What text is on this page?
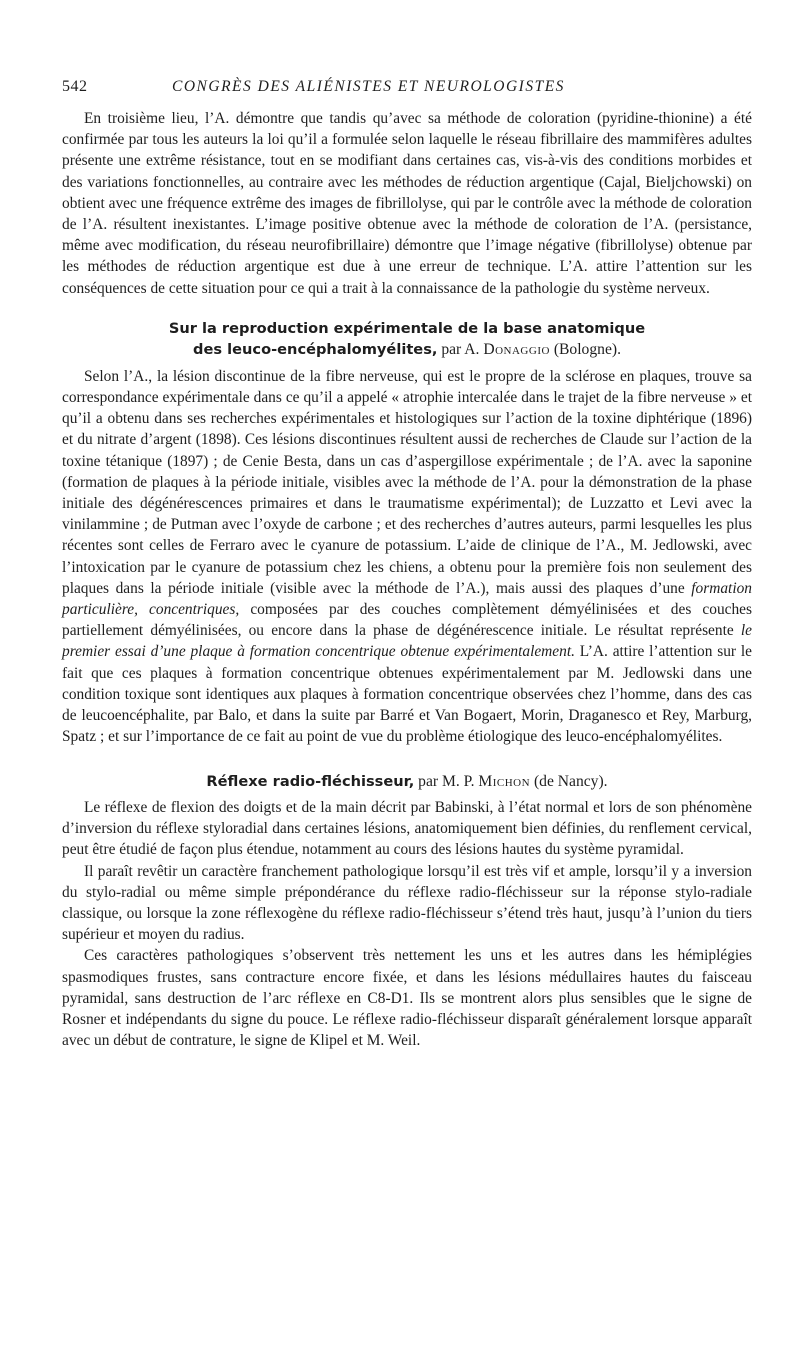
542	CONGRÈS DES ALIÉNISTES ET NEUROLOGISTES

En troisième lieu, l’A. démontre que tandis qu’avec sa méthode de coloration (pyridine-thionine) a été confirmée par tous les auteurs la loi qu’il a formulée selon laquelle le réseau fibrillaire des mammifères adultes présente une extrême résistance, tout en se modifiant dans certaines cas, vis-à-vis des conditions morbides et des variations fonctionnelles, au contraire avec les méthodes de réduction argentique (Cajal, Bieljchowski) on obtient avec une fréquence extrême des images de fibrillolyse, qui par le contrôle avec la méthode de coloration de l’A. résultent inexistantes. L’image positive obtenue avec la méthode de coloration de l’A. (persistance, même avec modification, du réseau neurofibrillaire) démontre que l’image négative (fibrillolyse) obtenue par les méthodes de réduction argentique est due à une erreur de technique. L’A. attire l’attention sur les conséquences de cette situation pour ce qui a trait à la connaissance de la pathologie du système nerveux.

Sur la reproduction expérimentale de la base anatomique
des leuco-encéphalomyélites, par A. Donaggio (Bologne).

Selon l’A., la lésion discontinue de la fibre nerveuse, qui est le propre de la sclérose en plaques, trouve sa correspondance expérimentale dans ce qu’il a appelé « atrophie intercalée dans le trajet de la fibre nerveuse » et qu’il a obtenu dans ses recherches expérimentales et histologiques sur l’action de la toxine diphtérique (1896) et du nitrate d’argent (1898). Ces lésions discontinues résultent aussi de recherches de Claude sur l’action de la toxine tétanique (1897) ; de Cenie Besta, dans un cas d’aspergillose expérimentale ; de l’A. avec la saponine (formation de plaques à la période initiale, visibles avec la méthode de l’A. pour la démonstration de la phase initiale des dégénérescences primaires et dans le traumatisme expérimental); de Luzzatto et Levi avec la vinilammine ; de Putman avec l’oxyde de carbone ; et des recherches d’autres auteurs, parmi lesquelles les plus récentes sont celles de Ferraro avec le cyanure de potassium. L’aide de clinique de l’A., M. Jedlowski, avec l’intoxication par le cyanure de potassium chez les chiens, a obtenu pour la première fois non seulement des plaques dans la période initiale (visible avec la méthode de l’A.), mais aussi des plaques d’une formation particulière, concentriques, composées par des couches complètement démyélinisées et des couches partiellement démyélinisées, ou encore dans la phase de dégénérescence initiale. Le résultat représente le premier essai d’une plaque à formation concentrique obtenue expérimentalement. L’A. attire l’attention sur le fait que ces plaques à formation concentrique obtenues expérimentalement par M. Jedlowski dans une condition toxique sont identiques aux plaques à formation concentrique observées chez l’homme, dans des cas de leucoencéphalite, par Balo, et dans la suite par Barré et Van Bogaert, Morin, Draganesco et Rey, Marburg, Spatz ; et sur l’importance de ce fait au point de vue du problème étiologique des leuco-encéphalomyélites.

Réflexe radio-fléchisseur, par M. P. Michon (de Nancy).

Le réflexe de flexion des doigts et de la main décrit par Babinski, à l’état normal et lors de son phénomène d’inversion du réflexe styloradial dans certaines lésions, anatomiquement bien définies, du renflement cervical, peut être étudié de façon plus étendue, notamment au cours des lésions hautes du système pyramidal.

Il paraît revêtir un caractère franchement pathologique lorsqu’il est très vif et ample, lorsqu’il y a inversion du stylo-radial ou même simple prépondérance du réflexe radio-fléchisseur sur la réponse stylo-radiale classique, ou lorsque la zone réflexogène du réflexe radio-fléchisseur s’étend très haut, jusqu’à l’union du tiers supérieur et moyen du radius.

Ces caractères pathologiques s’observent très nettement les uns et les autres dans les hémiplégies spasmodiques frustes, sans contracture encore fixée, et dans les lésions médullaires hautes du faisceau pyramidal, sans destruction de l’arc réflexe en C8-D1. Ils se montrent alors plus sensibles que le signe de Rosner et indépendants du signe du pouce. Le réflexe radio-fléchisseur disparaît généralement lorsque apparaît avec un début de contrature, le signe de Klipel et M. Weil.
